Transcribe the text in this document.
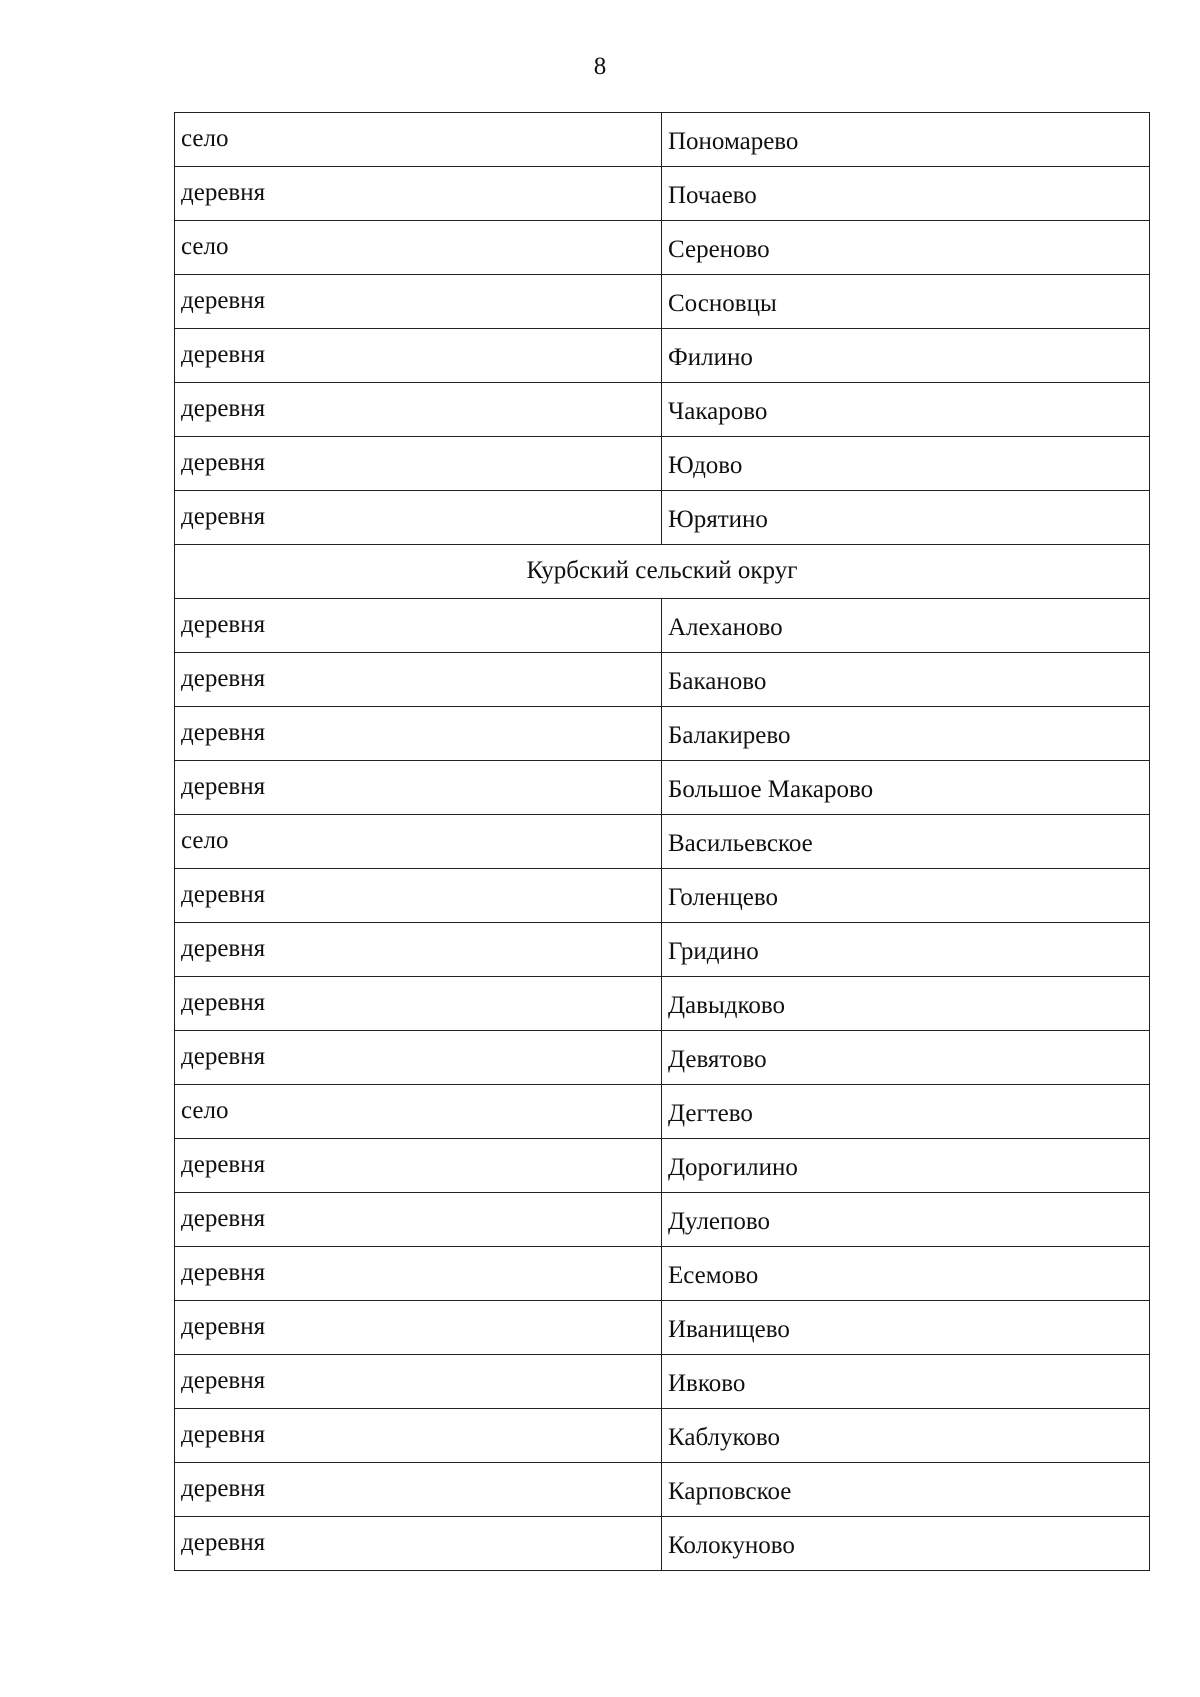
8
село	Пономарево
деревня	Почаево
село	Сереново
деревня	Сосновцы
деревня	Филино
деревня	Чакарово
деревня	Юдово
деревня	Юрятино
Курбский сельский округ	
деревня	Алеханово
деревня	Баканово
деревня	Балакирево
деревня	Большое Макарово
село	Васильевское
деревня	Голенцево
деревня	Гридино
деревня	Давыдково
деревня	Девятово
село	Дегтево
деревня	Дорогилино
деревня	Дулепово
деревня	Есемово
деревня	Иванищево
деревня	Ивково
деревня	Каблуково
деревня	Карповское
деревня	Колокуново
